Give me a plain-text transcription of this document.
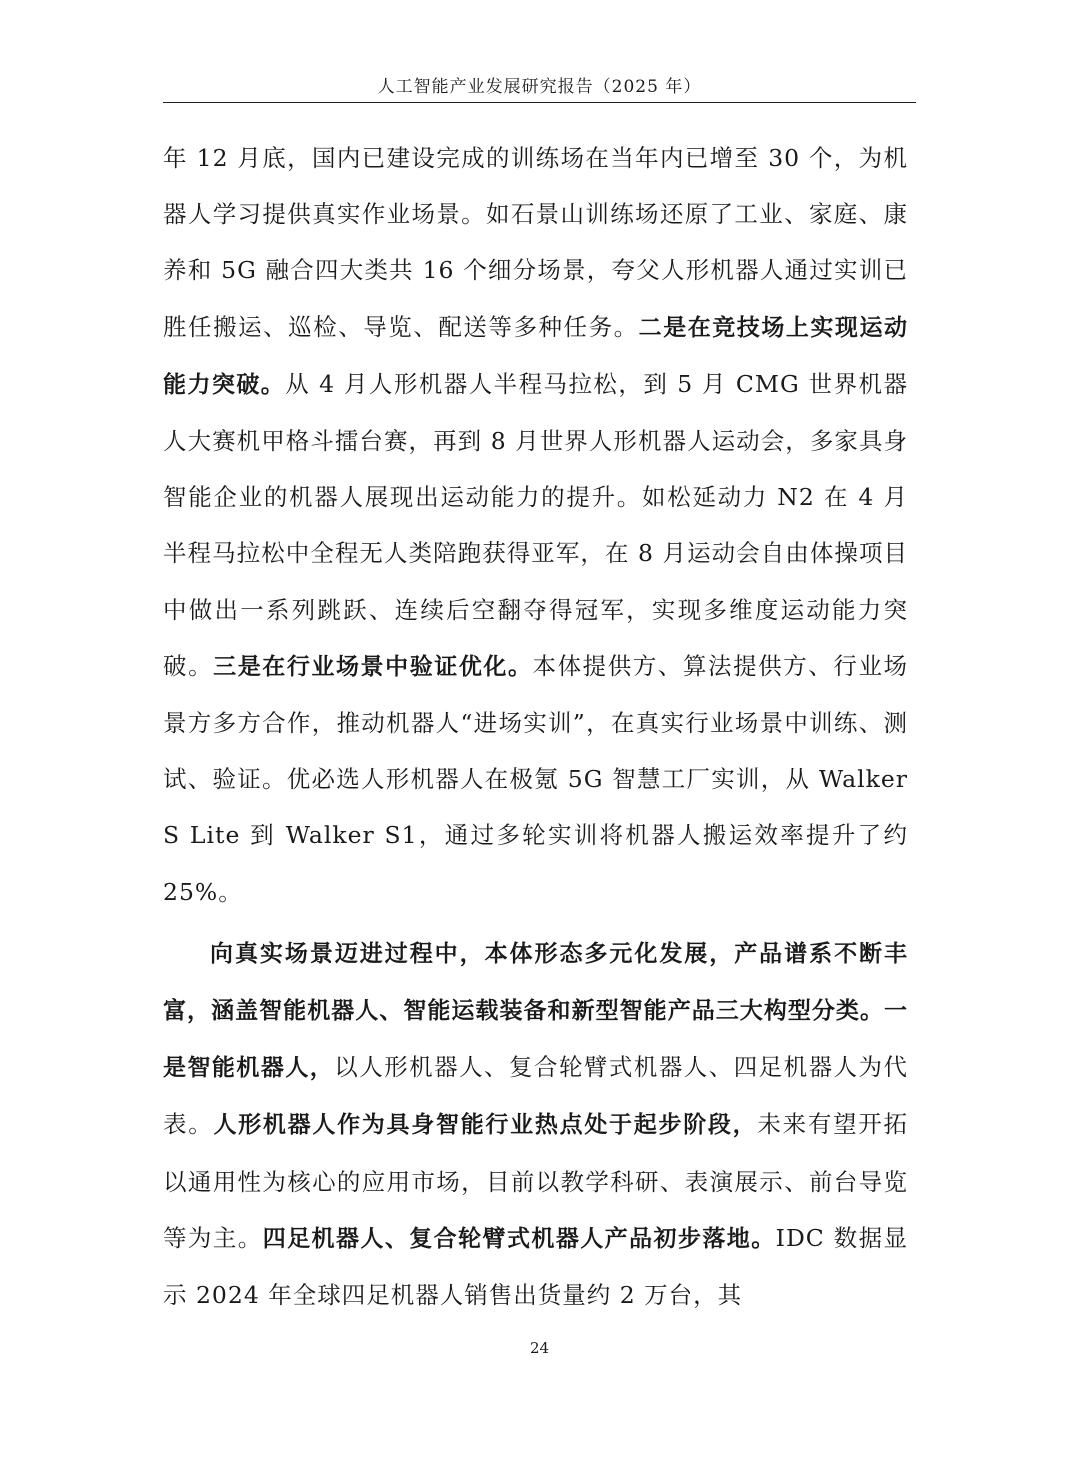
人工智能产业发展研究报告（2025 年）

年 12 月底，国内已建设完成的训练场在当年内已增至 30 个，为机器人学习提供真实作业场景。如石景山训练场还原了工业、家庭、康养和 5G 融合四大类共 16 个细分场景，夸父人形机器人通过实训已胜任搬运、巡检、导览、配送等多种任务。二是在竞技场上实现运动能力突破。从 4 月人形机器人半程马拉松，到 5 月 CMG 世界机器人大赛机甲格斗擂台赛，再到 8 月世界人形机器人运动会，多家具身智能企业的机器人展现出运动能力的提升。如松延动力 N2 在 4 月半程马拉松中全程无人类陪跑获得亚军，在 8 月运动会自由体操项目中做出一系列跳跃、连续后空翻夺得冠军，实现多维度运动能力突破。三是在行业场景中验证优化。本体提供方、算法提供方、行业场景方多方合作，推动机器人“进场实训”，在真实行业场景中训练、测试、验证。优必选人形机器人在极氪 5G 智慧工厂实训，从 Walker S Lite 到 Walker S1，通过多轮实训将机器人搬运效率提升了约 25%。

向真实场景迈进过程中，本体形态多元化发展，产品谱系不断丰富，涵盖智能机器人、智能运载装备和新型智能产品三大构型分类。一是智能机器人，以人形机器人、复合轮臂式机器人、四足机器人为代表。人形机器人作为具身智能行业热点处于起步阶段，未来有望开拓以通用性为核心的应用市场，目前以教学科研、表演展示、前台导览等为主。四足机器人、复合轮臂式机器人产品初步落地。IDC 数据显示 2024 年全球四足机器人销售出货量约 2 万台，其

24
